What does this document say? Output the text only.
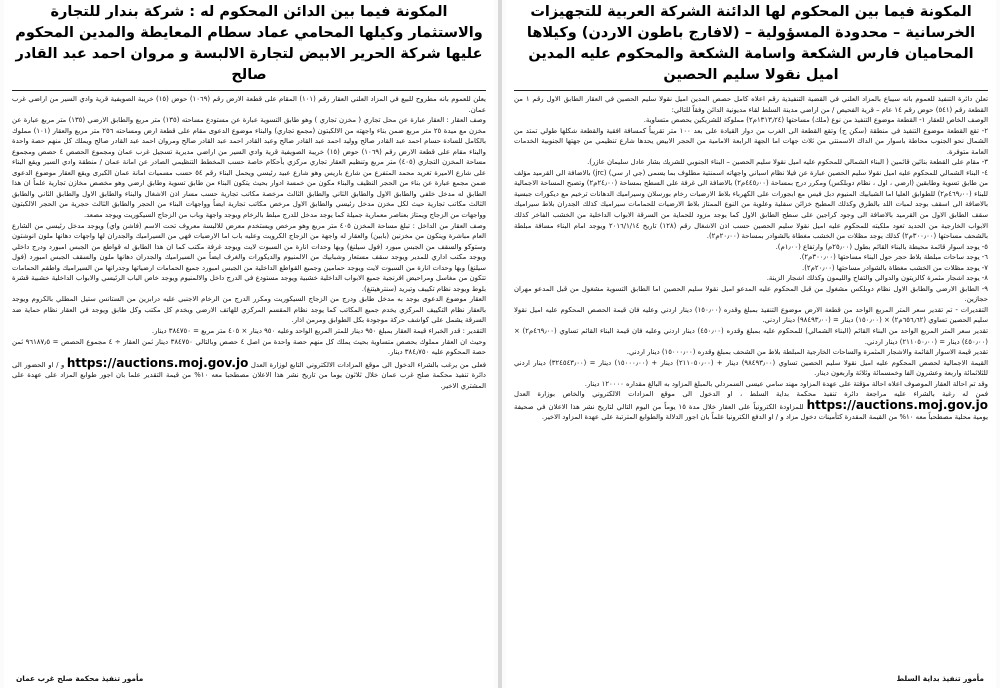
المكونة فيما بين المحكوم لها الدائنة الشركة العربية للتجهيزات الخرسانية – محدودة المسؤولية – (لافارج باطون الاردن) وكيلاها المحاميان فارس الشكعة واسامة الشكعة والمحكوم عليه المدين اميل نقولا سليم الحصين

تعلن دائرة التنفيذ للعموم بانه سيباع بالمزاد العلني في القضية التنفيذية رقم اعلاه كامل حصص المدين اميل نقولا سليم الحصين في العقار الطابق الاول رقم ١ من القطعة رقم (٥٤١) حوض رقم ١٤ عام – قرية الفحيص / من اراضي مدينة السلط لقاء مديونية الدائن وفقاً للتالي:

الوصف الخاص للعقار ١- القطعة موضوع التنفيذ من نوع (ملك) مساحتها (١٣١٣٫٢٤م٢) مملوكة للشريكين بحصص متساوية.

٢- تقع القطعة موضوع التنفيذ في منطقة (سكن ج) وتقع القطعة الى الغرب من دوار القيادة على بعد ١٠٠ متر تقريباً كمسافة افقية والقطعة شكلها طولي تمتد من الشمال نحو الجنوب محاطة باسوار من الداك الاسمنتي من ثلاث جهات اما الجهة الرابعة الامامية من الحجر الابيض يحدها شارع تنظيمي من جهتها الجنوبية الخدمات العامة متوفرة.

٣- مقام على القطعة بنائين قائمين ( البناء الشمالي للمحكوم عليه اميل نقولا سليم الحصين – البناء الجنوبي للشريك بشار عادل سليمان عازر).

٤- البناء الشمالي للمحكوم عليه اميل نقولا سليم الحصين عبارة عن فيلا نظام اسباني واجهاته اسمنتية مطلوف بما يسمى (جي ار سي) (jrc) بالاضافة الى القرميد مؤلف من طابق تسوية وطابقين (ارضي ، اول ، نظام دوبلكس) ومكرر درج بمساحة (٤٤٥٫٠٠م٢) بالاضافة الى غرفة على السطح بمساحة (٢٤٫٠٠م٢) وتصبح المساحة الاجمالية للبناء (٤٦٩٫٠٠م٢) للطوابق العليا اما الشبابيك المنيوم دبل فيس مع ابجورات على الكهرباء بلاط الارضيات رخام بورسلان وسيراميك الدهانات ترخيم مع ديكورات جبسية بالاضافة الى اسقف بوجد لمبات اللد بالطرق وكذلك المطبخ خزائن سفلية وعلوية من النوع الممتاز بلاط الارضيات للحمامات سيراميك كذلك الجدران بلاط سيراميك سقف الطابق الاول من القرميد بالاضافة الى وجود كراجين على سطح الطابق الاول كما يوجد مزود للحماية من السرقة الابواب الداخلية من الخشب الفاخر كذلك الابواب الخارجية من الحديد تعود ملكيته للمحكوم عليه اميل نقولا سليم الحصين حسب اذن الاشغال رقم (١٢٨) تاريخ ٢٠١٦/١/١٤ ويوجد امام البناء مسافة مبلطة بالشحف مساحتها (٣٠٠٫٠٠م٢) كذلك يوجد مظلات من الخشب مغطاة بالشوادر بمساحة (٢٠٫٠٠م٢).

٥- يوجد اسوار قائمة محيطة بالبناء القائم بطول (٢٥٫٠٠م) وارتفاع (١٫٠٠م).

٦- يوجد ساحات مبلطة بلاط حجر حول البناء مساحتها (٣٠٠٫٠٠م٢).

٧- يوجد مظلات من الخشب مغطاة بالشوادر مساحتها (٢٠٫٠٠م٢).

٨- يوجد اشجار مثمرة كالزيتون والدوالي والتفاح والليمون وكذلك اشجار الزينة.

٩- الطابق الارضي والطابق الاول نظام دوبلكس مشغول من قبل المحكوم عليه المدعو اميل نقولا سليم الحصين اما الطابق التسوية مشغول من قبل المدعو مهران حجازين.

التقديرات - تم تقدير سعر المتر المربع الواحد من قطعة الارض موضوع التنفيذ بمبلغ وقدره (١٥٠٫٠٠) دينار اردني وعليه فان قيمة الحصص المحكوم عليه اميل نقولا سليم الحصين تساوي (٦٥٦٫٦٢م٢) × (١٥٠٫٠٠) دينار = (٩٨٤٩٣٫٠٠) دينار اردني.

تقدير سعر المتر المربع الواحد من البناء القائم (البناء الشمالي) للمحكوم عليه بمبلغ وقدره (٤٥٠٫٠٠) دينار اردني وعليه فان قيمة البناء القائم تساوي (٤٦٩٫٠٠م٢) × (٤٥٠٫٠٠) دينار = (٢١١٠٥٠٫٠٠) دينار اردني.

تقدير قيمة الاسوار القائمة والاشجار المثمرة والساحات الخارجية المبلطة بلاط من الشحف بمبلغ وقدره (١٥٠٠٠٫٠٠) دينار اردني.

القيمة الاجمالية لحصص المحكوم عليه اميل نقولا سليم الحصين تساوي (٩٨٤٩٣٫٠٠) دينار + (٢١١٠٥٠٫٠٠) دينار + (١٥٠٠٠٫٠٠) دينار = (٣٢٤٥٤٣٫٠٠) دينار اردني للثلاثمائة واربعة وعشرون الفا وخمسمائة وثلاثة واربعون دينار.

وقد تم احالة العقار الموصوف اعلاه احالة مؤقتة على عهدة المزاود مهند سامي عيسى السمردلي بالمبلغ المزاود به البالغ مقداره ١٢٠٠٠٠ دينار.

فمن له رغبة بالشراء عليه مراجعة دائرة تنفيذ محكمة بداية السلط ، او الدخول الى موقع المزادات الالكتروني والخاص بوزارة العدل https://auctions.moj.gov.jo للمزاودة الكترونياً على العقار خلال مدة ١٥ يوماً من اليوم التالي لتاريخ نشر هذا الاعلان في صحيفة يومية محلية مصطحباً معه ١٠% من القيمة المقدرة كتأمينات دخول مزاد و / او الدفع الكترونيا علماً بان اجور الدلالة والطوابع المترتبة على عهدة المزاود الاخير.

مأمور تنفيذ بداية السلط
المكونة فيما بين الدائن المحكوم له : شركة بندار للتجارة والاستثمار وكيلها المحامي عماد سطام المعايطة والمدين المحكوم عليها شركة الحرير الابيض لتجارة الالبسة و مروان احمد عبد القادر صالح

يعلن للعموم بانه مطروح للبيع في المزاد العلني العقار رقم (١٠١) المقام على قطعة الارض رقم (١٠٦٩) حوض (١٥) خريبة الصويفية قرية وادي السير من اراضي غرب عمان.

وصف العقار : العقار عبارة عن محل تجاري ( مخزن تجاري ) وهو طابق التسوية عبارة عن مستودع مساحته (١٣٥) متر مربع والطابق الارضي (١٣٥) متر مربع عبارة عن مخزن مع ميدة ٢٥ متر مربع ضمن بناء واجهته من الالكبتون (مجمع تجاري) والبناء موضوع الدعوى مقام على قطعة ارض ومساحته ٢٥٦ متر مربع والعقار (١٠١) مملوك بالكامل للسادة حسام احمد عبد القادر صالح ووليد احمد عبد القادر صالح وعبد القادر احمد عبد القادر صالح ومروان احمد عبد القادر صالح ويملك كل منهم حصة واحدة والبناء مقام على قطعة الارض رقم (١٠٦٩) حوض (١٥) خريبة الصويفية قرية وادي السير من اراضي مديرية تسجيل غرب عمان ومجموع الحصص ٤ حصص ومجموع مساحة المخزن التجاري (٤٠٥) متر مربع وتنظيم العقار تجاري مركزي بأحكام خاصة حسب المخطط التنظيمي الصادر عن امانة عمان / منطقة وادي السير ويقع البناء على شارع الاميرة تغريد محمد المتفرع من شارع باريس وهو شارع عبيد رئيسي ويحمل البناء رقم ٥٤ حسب مسميات امانة عمان الكبرى ويقع العقار موضوع الدعوى ضمن مجمع عبارة عن بناء من الحجر النظيف والبناء مكون من خمسة ادوار بحيث يتكون البناء من طابق تسوية وطابق ارضي وهو مخصص مخازن تجارية علماً ان هذا الطابق له مدخل خلفي والطابق الاول والطابق الثاني والطابق الثالث مرخصة مكاتب تجارية حسب مسار اذن الاشغال والبناء والطابق الاول والطابق الثاني والطابق الثالث مكاتب تجارية حيث لكل مخزن مدخل رئيسي والطابق الاول مرخص مكاتب تجارية ايضاً وواجهات البناء من الحجر والطابق الثالث حجرية من الحجر الالكبتون وواجهات من الزجاج ويمتاز بعناصر معمارية جميلة كما يوجد مدخل للدرج مبلط بالرخام ويوجد واجهة وباب من الزجاج السيكوريت ويوجد مصعد.

وصف العقار من الداخل : تبلغ مساحة المخزن ٤٠٥ متر مربع وهو مرخص ويستخدم معرض للالبسة معروف تحت الاسم (فاشن واي) ويوجد مدخل رئيسي من الشارع العام مباشرة وينكون من مخزنين (بابين) والعقار له واجهة من الزجاج الكرويت وعليه باب اما الارضيات فهي من السيراميك والجدران لها واجهات دهانها ملون انوشتون وستوكو والسقف من الجبس مبورد (فول سيلنغ) وبها وحدات انارة من السبوت لايت ويوجد غرفة مكتب كما ان هذا الطابق له قواطع من الجبس امبورد ودرج داخلي ويوجد مكتب اداري للمدير ويوجد سقف مستعار وشبابيك من الالمنيوم والديكورات والغرف ايضاً من السيراميك والجدران دهانها ملون والسقف الجبس امبورد (فول سيلنغ) وبها وحدات انارة من السبوت لايت ويوجد حمامين وجميع القواطع الداخلية من الجبس امبورد جميع الحمامات ارضياتها وجدرانها من السيراميك واطقم الحمامات تتكون من مغاسل ومراحيض افرنجية جميع الابواب الداخلية خشبية ويوجد مستودع في الدرج داخل والالمنيوم ويوجد خاص الباب الرئيسي والابواب الداخلية خشبية قشرة بلوط ويوجد نظام تكييف وتبريد (سنترهيتنغ).

العقار موضوع الدعوى يوجد به مدخل طابق ودرج من الزجاج السيكوريت ومكرر الدرج من الرخام الاجنبي عليه درابزين من الستانس ستيل المطلي بالكروم ويوجد بالعقار نظام التكييف المركزي يخدم جميع المكاتب كما يوجد نظام المقسم المركزي للهاتف الارضي ويخدم كل مكتب وكل طابق ويوجد في العقار نظام حماية ضد السرقة يشمل على كواشف حركة موجودة بكل الطوابق ومرمن اذار.

التقدير : قدر الخبراء قيمة العقار بمبلغ ٩٥٠ دينار للمتر المربع الواحد وعليه ٩٥٠ دينار × ٤٠٥ متر مربع = ٣٨٤٧٥٠ دينار.

وحيث ان العقار مملوك بحصص متساوية بحيث يملك كل منهم حصة واحدة من اصل ٤ حصص وبالتالي ٣٨٤٧٥٠ دينار ثمن العقار ÷ ٤ مجموع الحصص = ٩٦١٨٧٫٥ ثمن حصة المحكوم عليه ٣٨٤٫٧٥٠ دينار.

فعلى من يرغب بالشراء الدخول الى موقع المزادات الالكتروني التابع لوزارة العدل https://auctions.moj.gov.jo و / او الحضور الى دائرة تنفيذ محكمة صلح غرب عمان خلال ثلاثون يوما من تاريخ نشر هذا الاعلان مصطحبا معه ١٠% من قيمة التقدير علما بان اجور طوابع المزاد على عهدة على المشتري الاخير.

مأمور تنفيذ محكمة صلح غرب عمان
